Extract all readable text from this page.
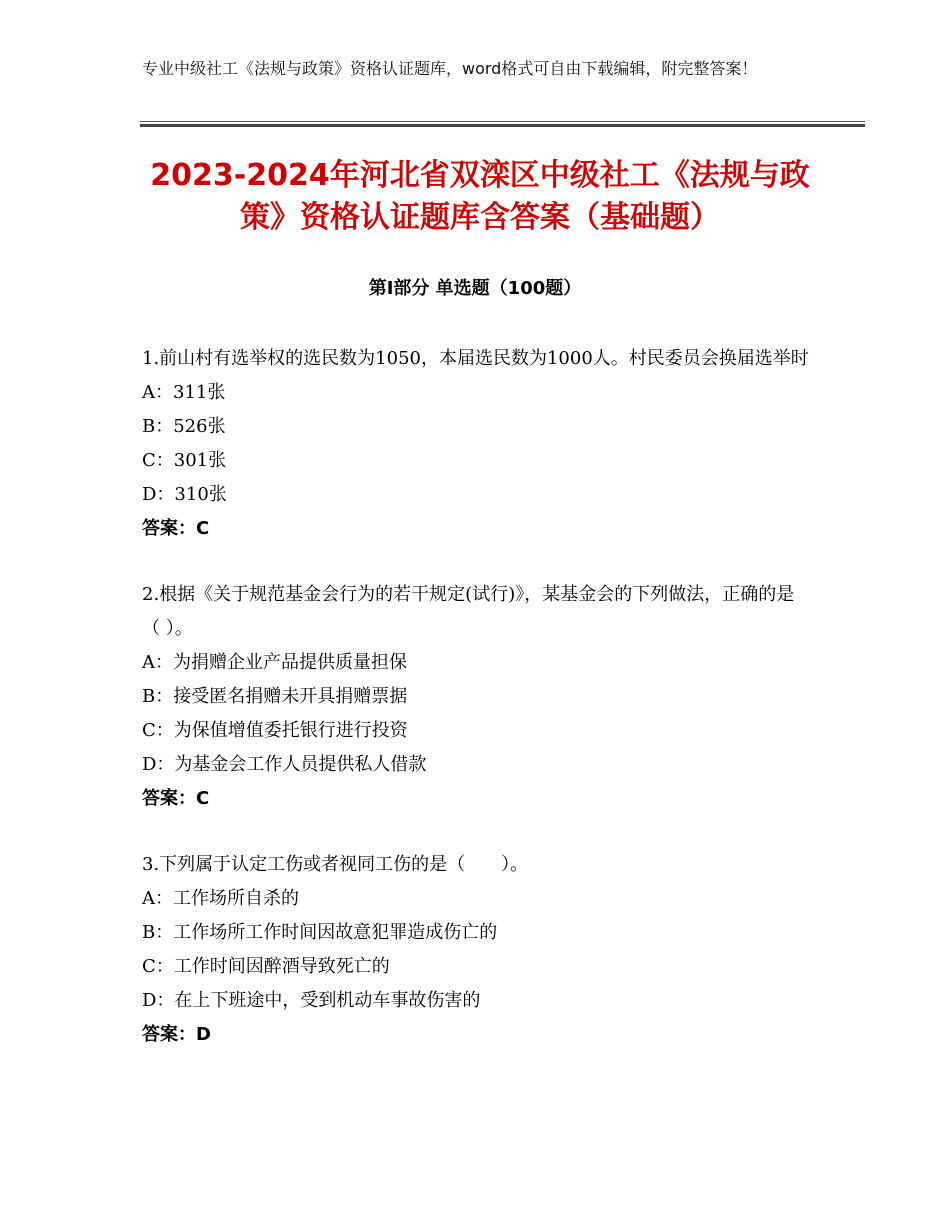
专业中级社工《法规与政策》资格认证题库，word格式可自由下载编辑，附完整答案！
2023-2024年河北省双滦区中级社工《法规与政策》资格认证题库含答案（基础题）
第Ⅰ部分 单选题（100题）

1.前山村有选举权的选民数为1050，本届选民数为1000人。村民委员会换届选举时

A：311张

B：526张

C：301张

D：310张

答案：C

2.根据《关于规范基金会行为的若干规定(试行)》，某基金会的下列做法，正确的是（ ）。

A：为捐赠企业产品提供质量担保

B：接受匿名捐赠未开具捐赠票据

C：为保值增值委托银行进行投资

D：为基金会工作人员提供私人借款

答案：C

3.下列属于认定工伤或者视同工伤的是（　　）。

A：工作场所自杀的

B：工作场所工作时间因故意犯罪造成伤亡的

C：工作时间因醉酒导致死亡的

D：在上下班途中，受到机动车事故伤害的

答案：D
